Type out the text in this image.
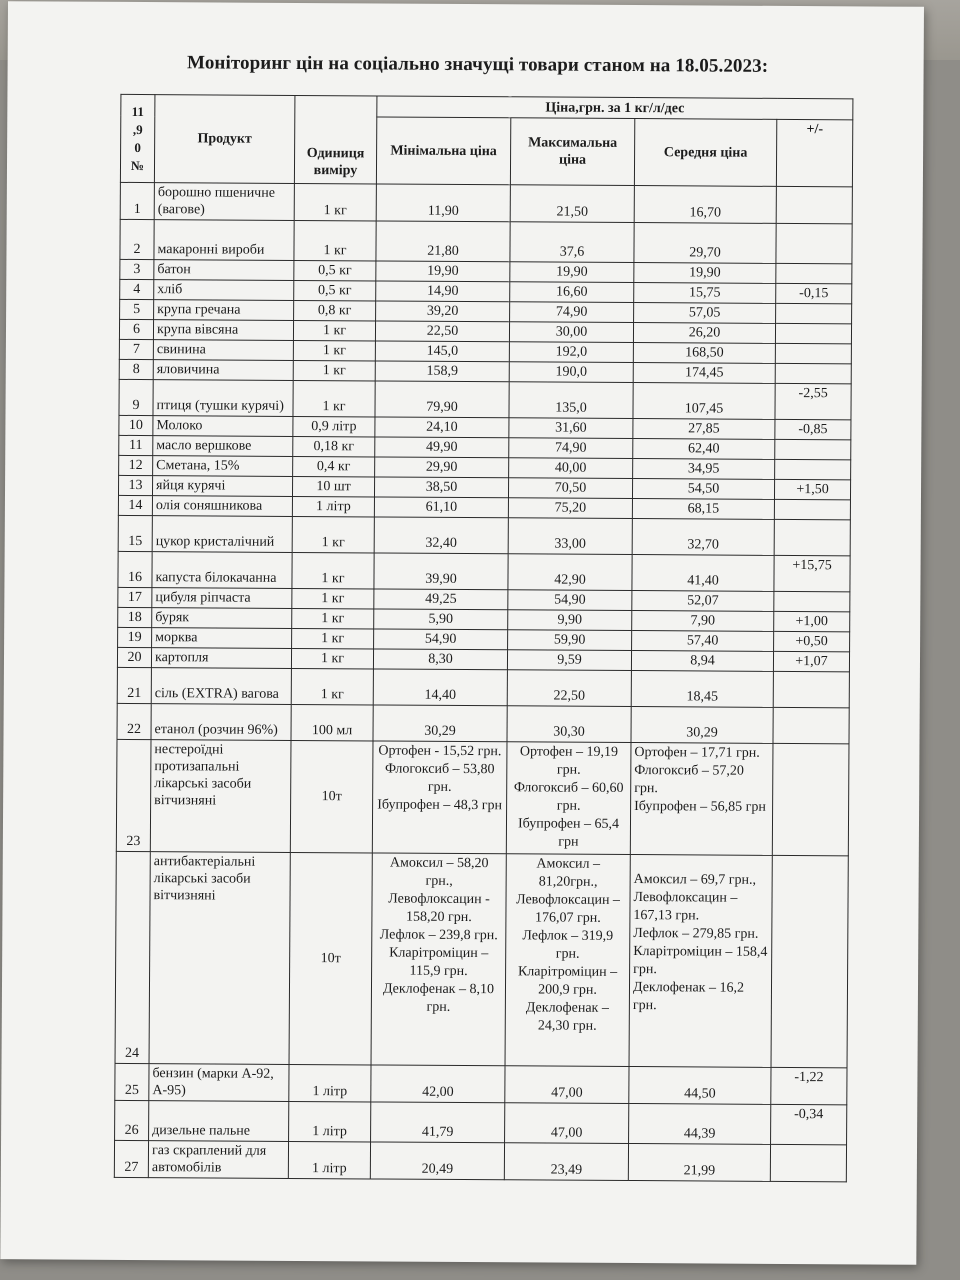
Моніторинг цін на соціально значущі товари станом на 18.05.2023:
11
,9
0
№	Продукт	Одиниця виміру	Ціна,грн. за 1 кг/л/дес			
			Мінімальна ціна	Максимальна ціна	Середня ціна	+/-
1	борошно пшеничне (вагове)	1 кг	11,90	21,50	16,70	
2	макаронні вироби	1 кг	21,80	37,6	29,70	
3	батон	0,5 кг	19,90	19,90	19,90	
4	хліб	0,5 кг	14,90	16,60	15,75	-0,15
5	крупа гречана	0,8 кг	39,20	74,90	57,05	
6	крупа вівсяна	1 кг	22,50	30,00	26,20	
7	свинина	1 кг	145,0	192,0	168,50	
8	яловичина	1 кг	158,9	190,0	174,45	
9	птиця (тушки курячі)	1 кг	79,90	135,0	107,45	-2,55
10	Молоко	0,9 літр	24,10	31,60	27,85	-0,85
11	масло вершкове	0,18 кг	49,90	74,90	62,40	
12	Сметана, 15%	0,4 кг	29,90	40,00	34,95	
13	яйця курячі	10 шт	38,50	70,50	54,50	+1,50
14	олія соняшникова	1 літр	61,10	75,20	68,15	
15	цукор кристалічний	1 кг	32,40	33,00	32,70	
16	капуста білокачанна	1 кг	39,90	42,90	41,40	+15,75
17	цибуля ріпчаста	1 кг	49,25	54,90	52,07	
18	буряк	1 кг	5,90	9,90	7,90	+1,00
19	морква	1 кг	54,90	59,90	57,40	+0,50
20	картопля	1 кг	8,30	9,59	8,94	+1,07
21	сіль (EXTRA) вагова	1 кг	14,40	22,50	18,45	
22	етанол (розчин 96%)	100 мл	30,29	30,30	30,29	
23	нестероїдні протизапальні лікарські засоби вітчизняні	10т	Ортофен - 15,52 грн.
Флогоксиб – 53,80 грн.
Ібупрофен – 48,3 грн	Ортофен – 19,19 грн.
Флогоксиб – 60,60 грн.
Ібупрофен – 65,4 грн	Ортофен – 17,71 грн.
Флогоксиб – 57,20 грн.
Ібупрофен – 56,85 грн	
24	антибактеріальні лікарські засоби вітчизняні	10т	Амоксил – 58,20 грн.,
Левофлоксацин - 158,20 грн.
Лефлок – 239,8 грн.
Кларітроміцин – 115,9 грн.
Деклофенак – 8,10 грн.	Амоксил – 81,20грн.,
Левофлоксацин – 176,07 грн.
Лефлок – 319,9 грн.
Кларітроміцин – 200,9 грн.
Деклофенак – 24,30 грн.	Амоксил – 69,7 грн.,
Левофлоксацин – 167,13 грн.
Лефлок – 279,85 грн.
Кларітроміцин – 158,4 грн.
Деклофенак – 16,2 грн.	
25	бензин (марки А-92, А-95)	1 літр	42,00	47,00	44,50	-1,22
26	дизельне пальне	1 літр	41,79	47,00	44,39	-0,34
27	газ скраплений для автомобілів	1 літр	20,49	23,49	21,99	
